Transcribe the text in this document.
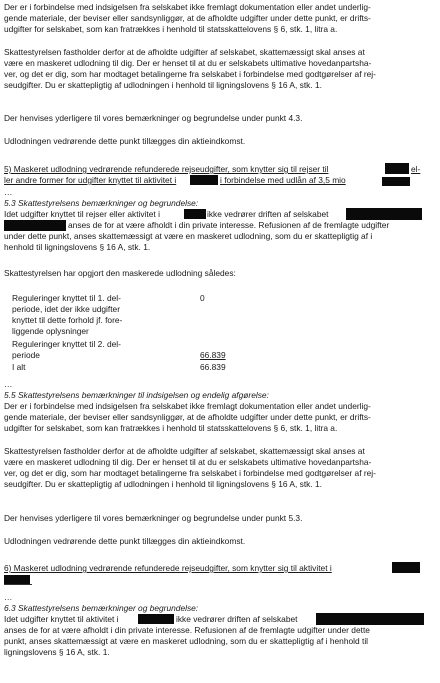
Der er i forbindelse med indsigelsen fra selskabet ikke fremlagt dokumentation eller andet underlig-
gende materiale, der beviser eller sandsynliggør, at de afholdte udgifter under dette punkt, er drifts-
udgifter for selskabet, som kan fratrækkes i henhold til statsskattelovens § 6, stk. 1, litra a.
Skattestyrelsen fastholder derfor at de afholdte udgifter af selskabet, skattemæssigt skal anses at
være en maskeret udlodning til dig. Der er henset til at du er selskabets ultimative hovedanpartsha-
ver, og det er dig, som har modtaget betalingerne fra selskabet i forbindelse med godtgørelser af rej-
seudgifter. Du er skattepligtig af udlodningen i henhold til ligningslovens § 16 A, stk. 1.
Der henvises yderligere til vores bemærkninger og begrundelse under punkt 4.3.
Udlodningen vedrørende dette punkt tillægges din aktieindkomst.
5) Maskeret udlodning vedrørende refunderede rejseudgifter, som knytter sig til rejser til	el-
ler andre former for udgifter knyttet til aktivitet i	i forbindelse med udlån af 3,5 mio
…
5.3 Skattestyrelsens bemærkninger og begrundelse:
Idet udgifter knyttet til rejser eller aktivitet i	ikke vedrører driften af selskabet
anses de for at være afholdt i din private interesse. Refusionen af de fremlagte udgifter
under dette punkt, anses skattemæssigt at være en maskeret udlodning, som du er skattepligtig af i
henhold til ligningslovens § 16 A, stk. 1.
Skattestyrelsen har opgjort den maskerede udlodning således:
Reguleringer knyttet til 1. del-
periode, idet der ikke udgifter
knyttet til dette forhold jf. fore-
liggende oplysninger
0
Reguleringer knyttet til 2. del-
periode	66.839
I alt	66.839
…
5.5 Skattestyrelsens bemærkninger til indsigelsen og endelig afgørelse:
Der er i forbindelse med indsigelsen fra selskabet ikke fremlagt dokumentation eller andet underlig-
gende materiale, der beviser eller sandsynliggør, at de afholdte udgifter under dette punkt, er drifts-
udgifter for selskabet, som kan fratrækkes i henhold til statsskattelovens § 6, stk. 1, litra a.
Skattestyrelsen fastholder derfor at de afholdte udgifter af selskabet, skattemæssigt skal anses at
være en maskeret udlodning til dig. Der er henset til at du er selskabets ultimative hovedanpartsha-
ver, og det er dig, som har modtaget betalingerne fra selskabet i forbindelse med godtgørelser af rej-
seudgifter. Du er skattepligtig af udlodningen i henhold til ligningslovens § 16 A, stk. 1.
Der henvises yderligere til vores bemærkninger og begrundelse under punkt 5.3.
Udlodningen vedrørende dette punkt tillægges din aktieindkomst.
6) Maskeret udlodning vedrørende refunderede rejseudgifter, som knytter sig til aktivitet i
…
6.3 Skattestyrelsens bemærkninger og begrundelse:
Idet udgifter knyttet til aktivitet i	ikke vedrører driften af selskabet
anses de for at være afholdt i din private interesse. Refusionen af de fremlagte udgifter under dette
punkt, anses skattemæssigt at være en maskeret udlodning, som du er skattepligtig af i henhold til
ligningslovens § 16 A, stk. 1.
